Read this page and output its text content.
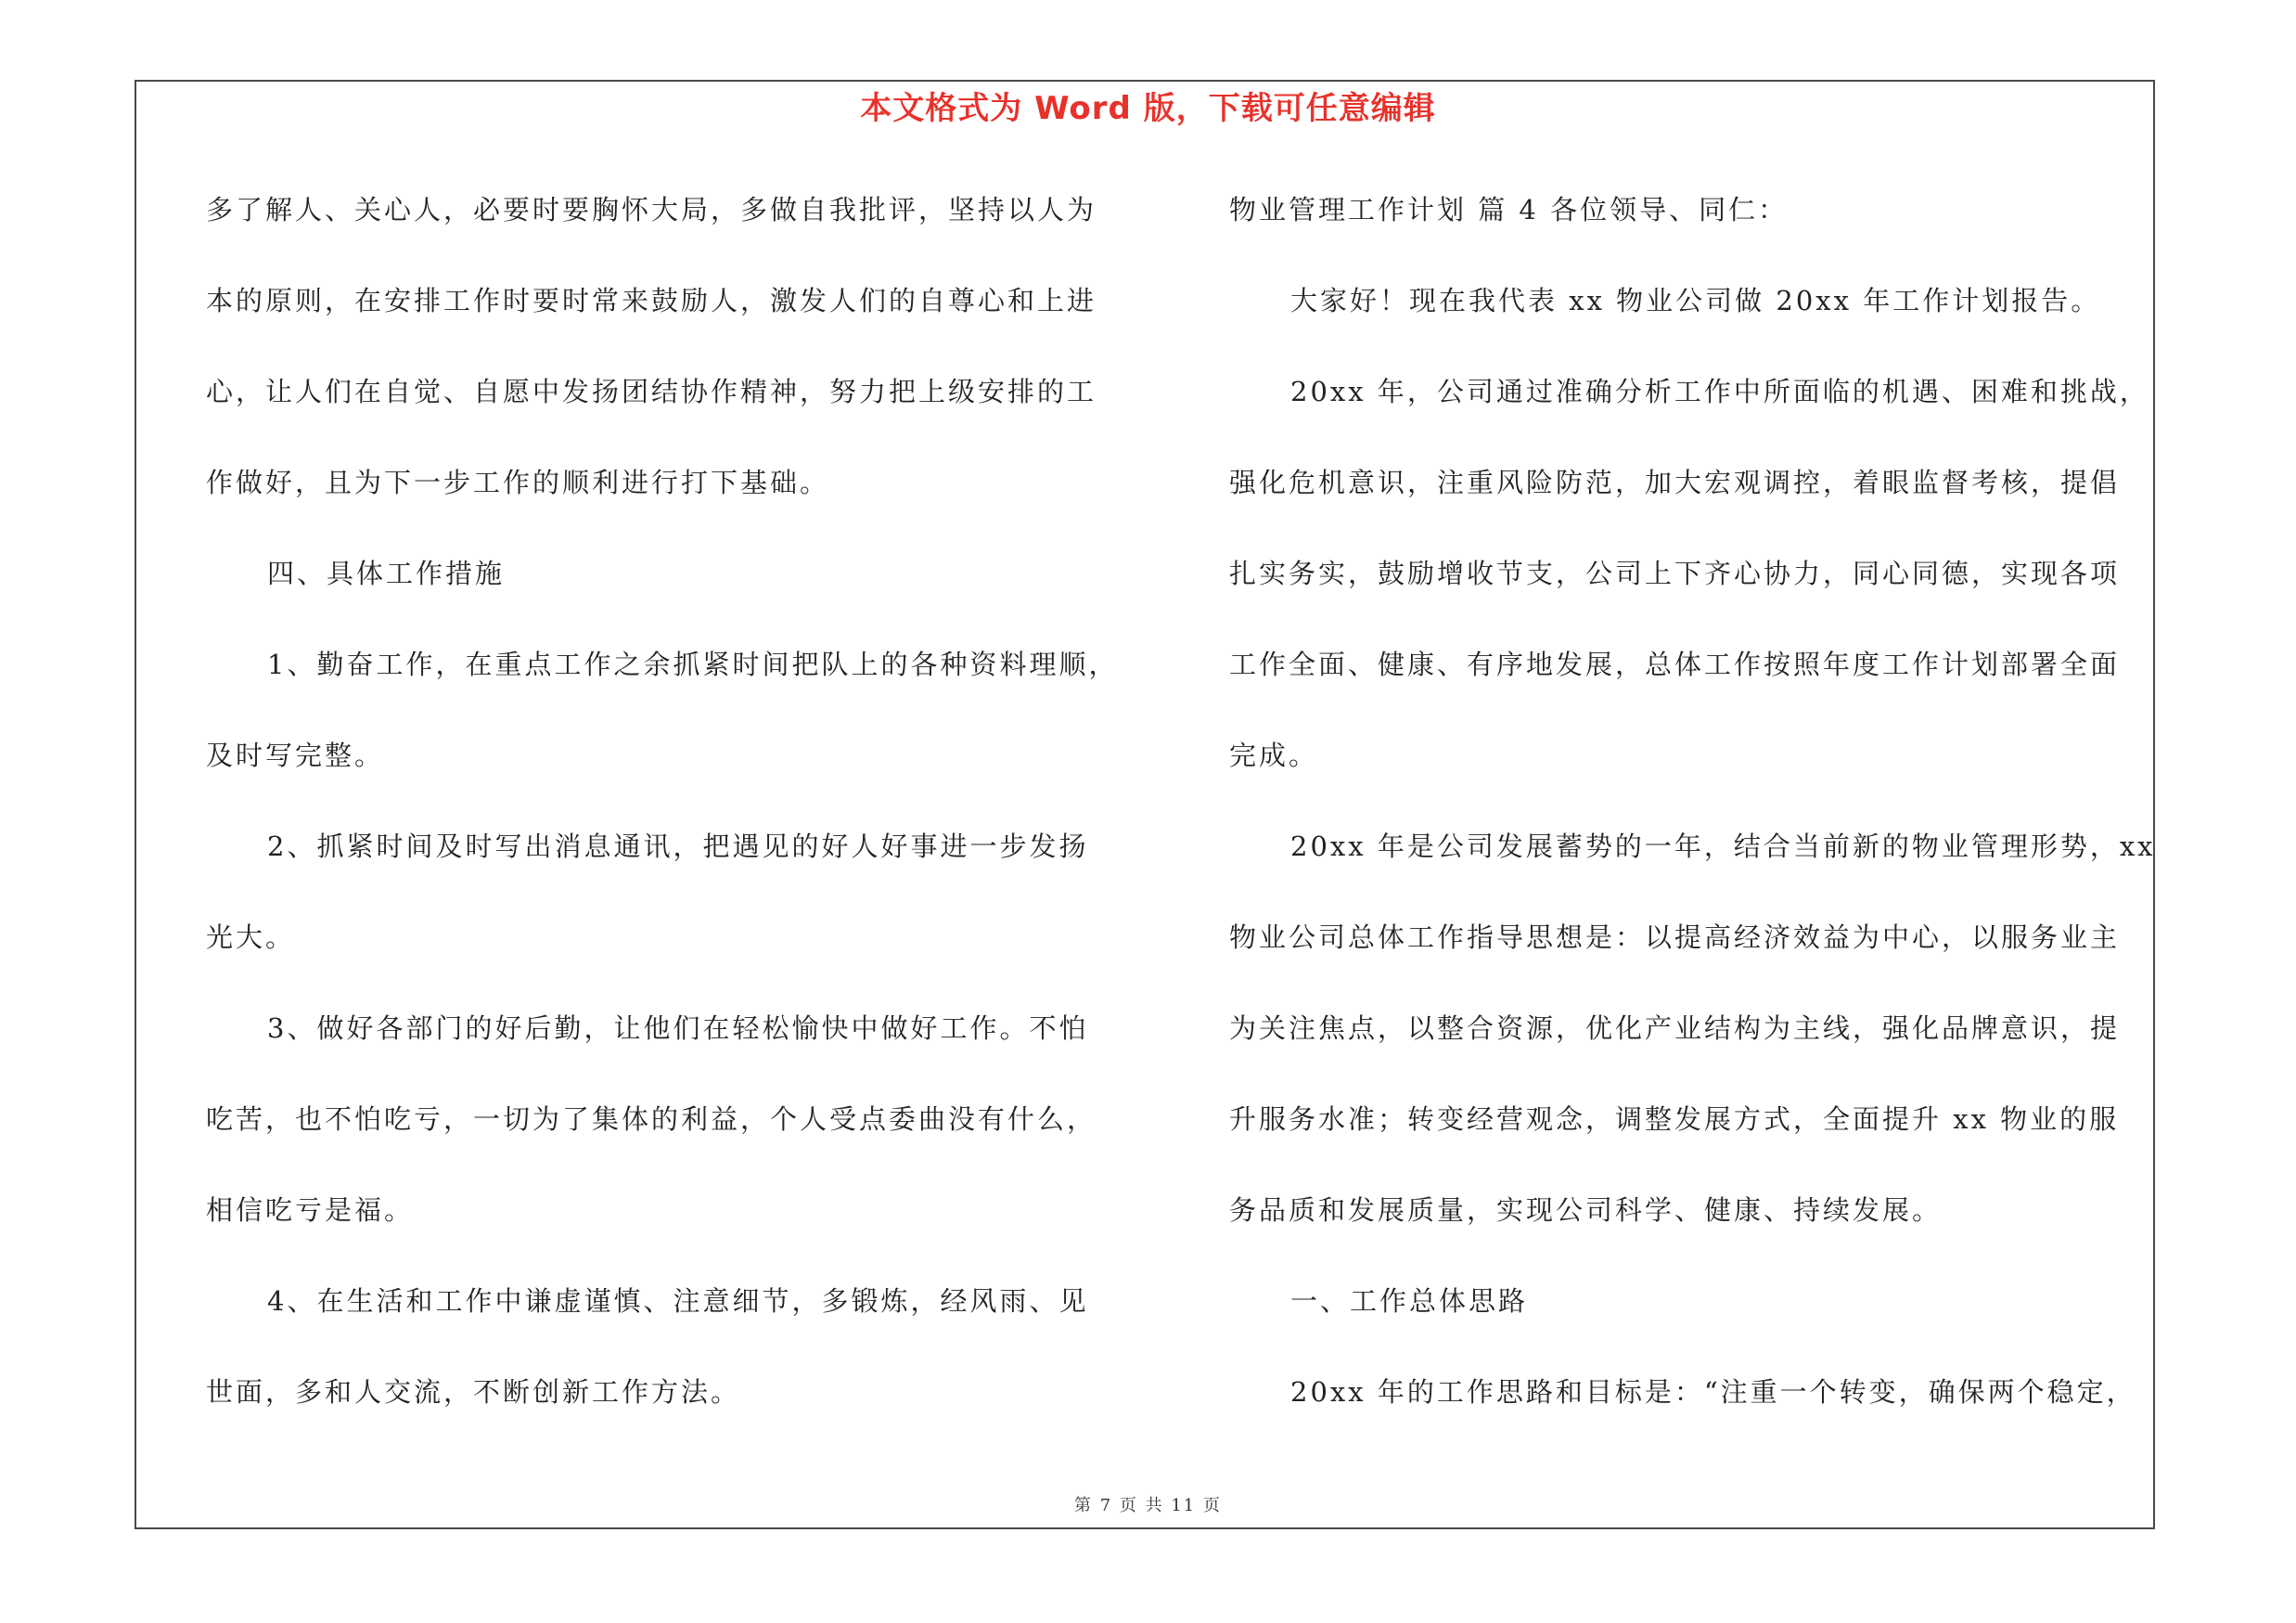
本文格式为 Word 版，下载可任意编辑
多了解人、关心人，必要时要胸怀大局，多做自我批评，坚持以人为
本的原则，在安排工作时要时常来鼓励人，激发人们的自尊心和上进
心，让人们在自觉、自愿中发扬团结协作精神，努力把上级安排的工
作做好，且为下一步工作的顺利进行打下基础。
四、具体工作措施
1、勤奋工作，在重点工作之余抓紧时间把队上的各种资料理顺，
及时写完整。
2、抓紧时间及时写出消息通讯，把遇见的好人好事进一步发扬
光大。
3、做好各部门的好后勤，让他们在轻松愉快中做好工作。不怕
吃苦，也不怕吃亏，一切为了集体的利益，个人受点委曲没有什么，
相信吃亏是福。
4、在生活和工作中谦虚谨慎、注意细节，多锻炼，经风雨、见
世面，多和人交流，不断创新工作方法。
物业管理工作计划 篇 4 各位领导、同仁：
大家好！现在我代表 xx 物业公司做 20xx 年工作计划报告。
20xx 年，公司通过准确分析工作中所面临的机遇、困难和挑战，
强化危机意识，注重风险防范，加大宏观调控，着眼监督考核，提倡
扎实务实，鼓励增收节支，公司上下齐心协力，同心同德，实现各项
工作全面、健康、有序地发展，总体工作按照年度工作计划部署全面
完成。
20xx 年是公司发展蓄势的一年，结合当前新的物业管理形势，xx
物业公司总体工作指导思想是：以提高经济效益为中心，以服务业主
为关注焦点，以整合资源，优化产业结构为主线，强化品牌意识，提
升服务水准；转变经营观念，调整发展方式，全面提升 xx 物业的服
务品质和发展质量，实现公司科学、健康、持续发展。
一、工作总体思路
20xx 年的工作思路和目标是：“注重一个转变，确保两个稳定，
第 7 页 共 11 页
